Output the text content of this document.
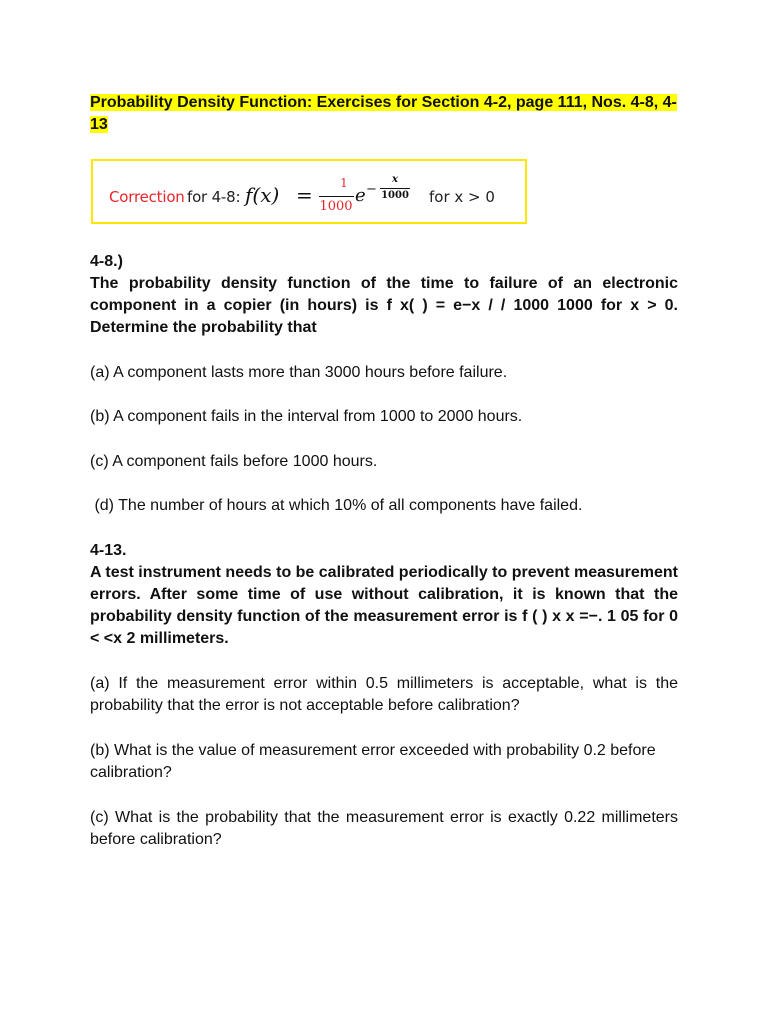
Probability Density Function: Exercises for Section 4-2, page 111, Nos. 4-8, 4-13
Correction for 4-8: f(x) =	1
1000
e −
x
1000 for x > 0

4-8.)

The probability density function of the time to failure of an electronic component in a copier (in hours) is f x( ) = e−x / / 1000 1000 for x > 0. Determine the probability that

(a) A component lasts more than 3000 hours before failure.

(b) A component fails in the interval from 1000 to 2000 hours.

(c) A component fails before 1000 hours.

(d) The number of hours at which 10% of all components have failed.

4-13.

A test instrument needs to be calibrated periodically to prevent measurement errors. After some time of use without calibration, it is known that the probability density function of the measurement error is f ( ) x x =−. 1 05 for 0 < <x 2 millimeters.

(a) If the measurement error within 0.5 millimeters is acceptable, what is the probability that the error is not acceptable before calibration?

(b) What is the value of measurement error exceeded with probability 0.2 before calibration?

(c) What is the probability that the measurement error is exactly 0.22 millimeters before calibration?
